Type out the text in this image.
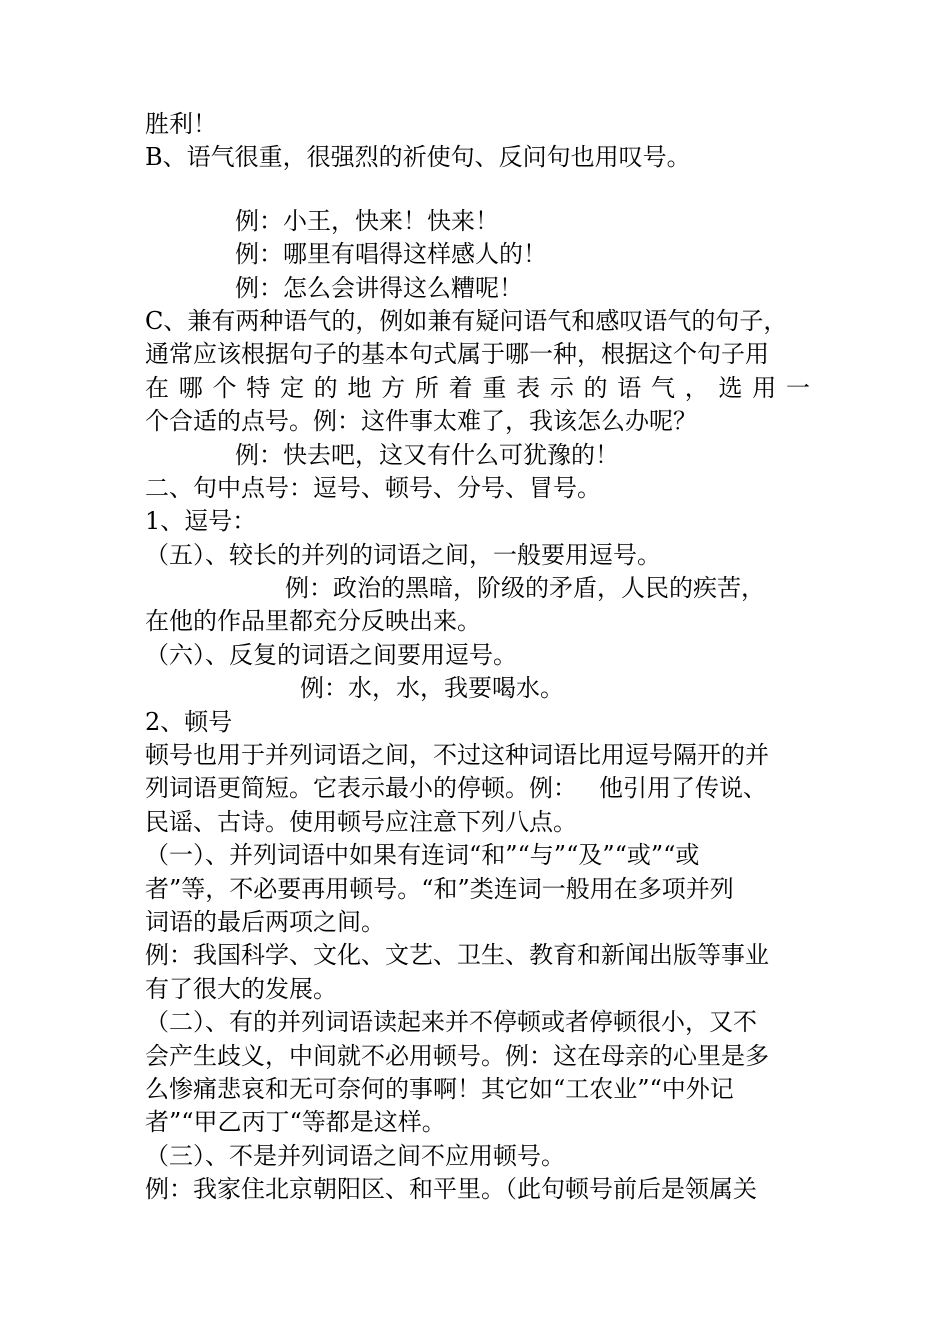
胜利！
B、语气很重，很强烈的祈使句、反问句也用叹号。
例：小王，快来！快来！
例：哪里有唱得这样感人的！
例：怎么会讲得这么糟呢！
C、兼有两种语气的，例如兼有疑问语气和感叹语气的句子，
通常应该根据句子的基本句式属于哪一种，根据这个句子用
在 哪 个 特 定 的 地 方 所 着 重 表 示 的 语 气 ， 选 用 一
个合适的点号。例：这件事太难了，我该怎么办呢？
例：快去吧，这又有什么可犹豫的！
二、句中点号：逗号、顿号、分号、冒号。
1、逗号：
（五）、较长的并列的词语之间，一般要用逗号。
例：政治的黑暗，阶级的矛盾，人民的疾苦，
在他的作品里都充分反映出来。
（六）、反复的词语之间要用逗号。
例：水，水，我要喝水。
2、顿号
顿号也用于并列词语之间，不过这种词语比用逗号隔开的并
列词语更简短。它表示最小的停顿。例： 他引用了传说、
民谣、古诗。使用顿号应注意下列八点。
（一）、并列词语中如果有连词“和”“与”“及”“或”“或
者”等，不必要再用顿号。“和”类连词一般用在多项并列
词语的最后两项之间。
例：我国科学、文化、文艺、卫生、教育和新闻出版等事业
有了很大的发展。
（二）、有的并列词语读起来并不停顿或者停顿很小，又不
会产生歧义，中间就不必用顿号。例：这在母亲的心里是多
么惨痛悲哀和无可奈何的事啊！其它如“工农业”“中外记
者”“甲乙丙丁“等都是这样。
（三）、不是并列词语之间不应用顿号。
例：我家住北京朝阳区、和平里。（此句顿号前后是领属关
